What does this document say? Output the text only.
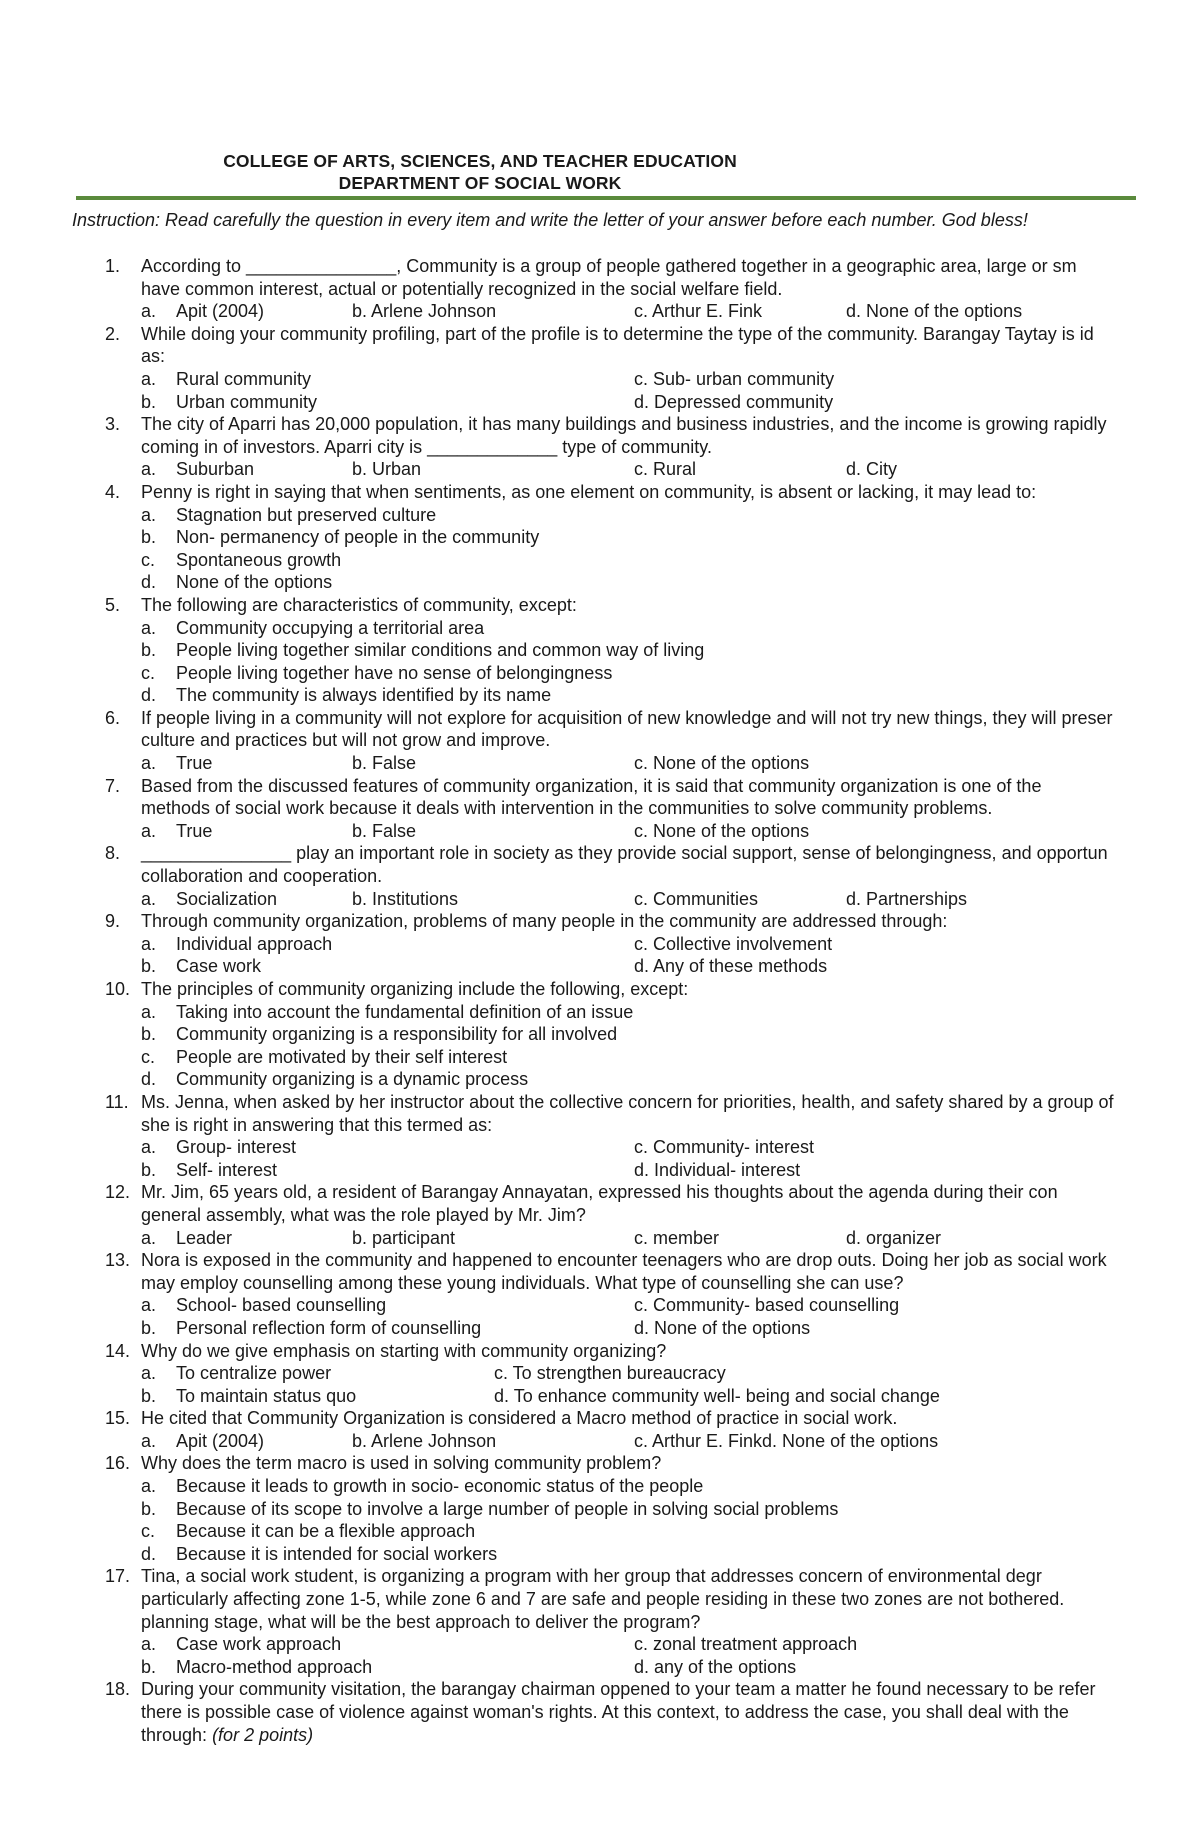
COLLEGE OF ARTS, SCIENCES, AND TEACHER EDUCATION
DEPARTMENT OF SOCIAL WORK
Instruction: Read carefully the question in every item and write the letter of your answer before each number. God bless!
1.	According to _______________, Community is a group of people gathered together in a geographic area, large or sm
have common interest, actual or potentially recognized in the social welfare field.
a. Apit (2004)	b. Arlene Johnson	c. Arthur E. Fink	d. None of the options
2.	While doing your community profiling, part of the profile is to determine the type of the community. Barangay Taytay is id
as:
a. Rural community	c. Sub- urban community
b. Urban community	d. Depressed community
3.	The city of Aparri has 20,000 population, it has many buildings and business industries, and the income is growing rapidly
coming in of investors. Aparri city is _____________ type of community.
a. Suburban	b. Urban	c. Rural	d. City
4.	Penny is right in saying that when sentiments, as one element on community, is absent or lacking, it may lead to:
a. Stagnation but preserved culture
b. Non- permanency of people in the community
c. Spontaneous growth
d. None of the options
5.	The following are characteristics of community, except:
a. Community occupying a territorial area
b. People living together similar conditions and common way of living
c. People living together have no sense of belongingness
d. The community is always identified by its name
6.	If people living in a community will not explore for acquisition of new knowledge and will not try new things, they will preser
culture and practices but will not grow and improve.
a. True	b. False	c. None of the options
7.	Based from the discussed features of community organization, it is said that community organization is one of the
methods of social work because it deals with intervention in the communities to solve community problems.
a. True	b. False	c. None of the options
8.	_______________ play an important role in society as they provide social support, sense of belongingness, and opportun
collaboration and cooperation.
a. Socialization	b. Institutions	c. Communities	d. Partnerships
9.	Through community organization, problems of many people in the community are addressed through:
a. Individual approach	c. Collective involvement
b. Case work	d. Any of these methods
10. The principles of community organizing include the following, except:
a. Taking into account the fundamental definition of an issue
b. Community organizing is a responsibility for all involved
c. People are motivated by their self interest
d. Community organizing is a dynamic process
11. Ms. Jenna, when asked by her instructor about the collective concern for priorities, health, and safety shared by a group of
she is right in answering that this termed as:
a. Group- interest	c. Community- interest
b. Self- interest	d. Individual- interest
12. Mr. Jim, 65 years old, a resident of Barangay Annayatan, expressed his thoughts about the agenda during their con
general assembly, what was the role played by Mr. Jim?
a. Leader	b. participant	c. member	d. organizer
13. Nora is exposed in the community and happened to encounter teenagers who are drop outs. Doing her job as social work
may employ counselling among these young individuals. What type of counselling she can use?
a. School- based counselling	c. Community- based counselling
b. Personal reflection form of counselling	d. None of the options
14. Why do we give emphasis on starting with community organizing?
a. To centralize power	c. To strengthen bureaucracy
b. To maintain status quo	d. To enhance community well- being and social change
15. He cited that Community Organization is considered a Macro method of practice in social work.
a. Apit (2004)	b. Arlene Johnson	c. Arthur E. Finkd. None of the options
16. Why does the term macro is used in solving community problem?
a. Because it leads to growth in socio- economic status of the people
b. Because of its scope to involve a large number of people in solving social problems
c. Because it can be a flexible approach
d. Because it is intended for social workers
17. Tina, a social work student, is organizing a program with her group that addresses concern of environmental degr
particularly affecting zone 1-5, while zone 6 and 7 are safe and people residing in these two zones are not bothered.
planning stage, what will be the best approach to deliver the program?
a. Case work approach	c. zonal treatment approach
b. Macro-method approach	d. any of the options
18. During your community visitation, the barangay chairman oppened to your team a matter he found necessary to be refer
there is possible case of violence against woman's rights. At this context, to address the case, you shall deal with the
through: (for 2 points)
